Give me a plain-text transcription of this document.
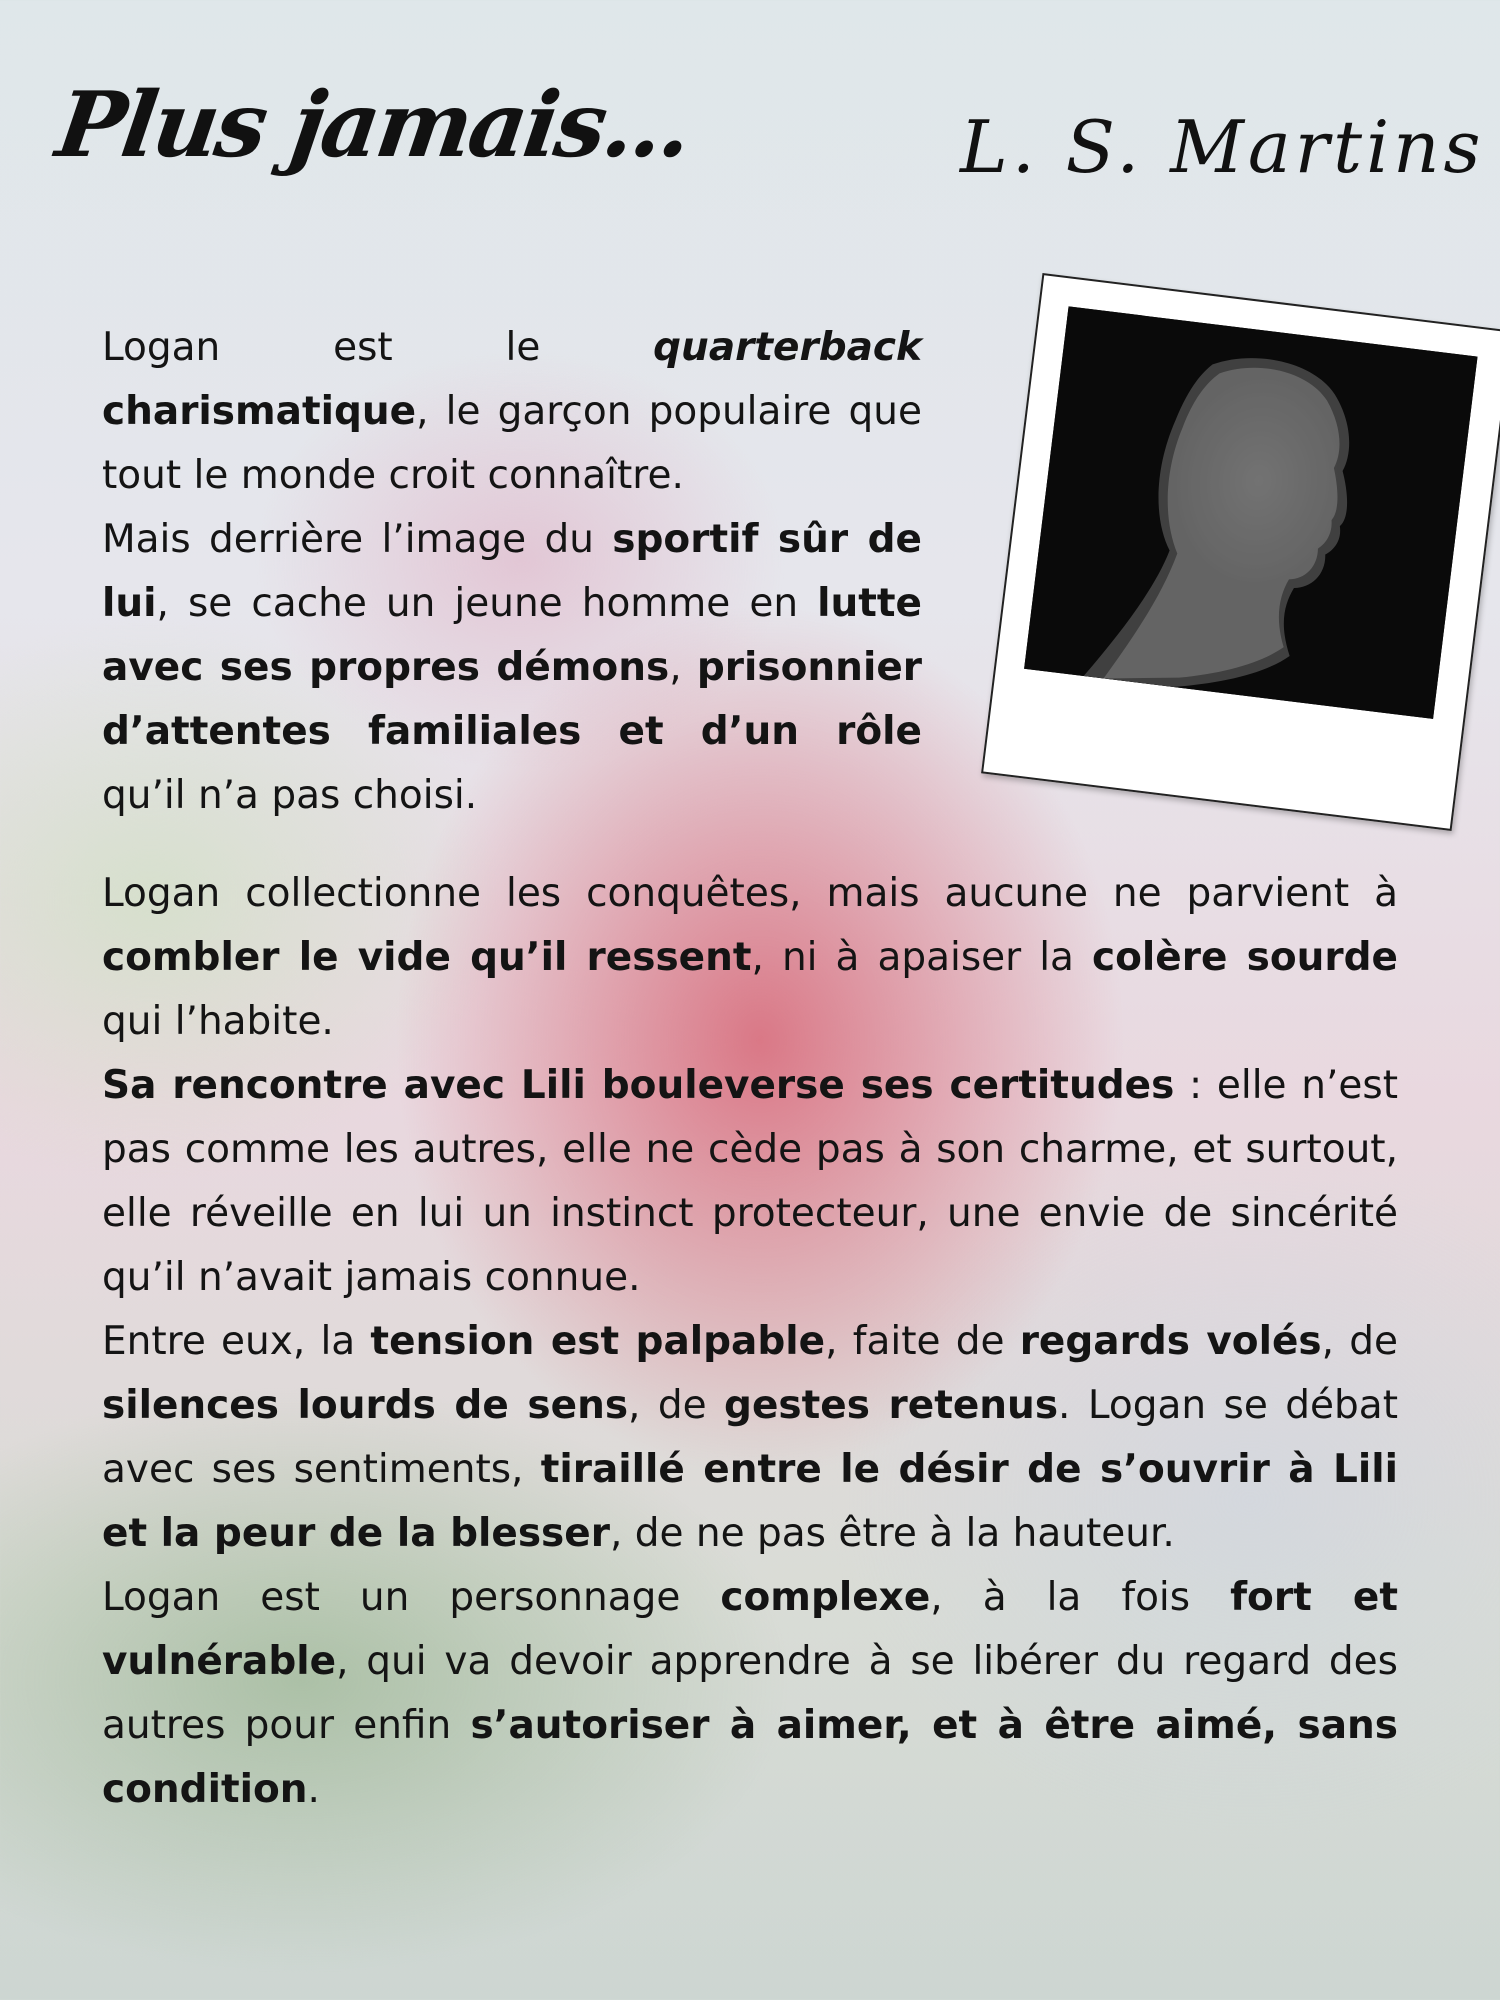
Plus jamais...	L. S. Martins

Logan est le quarterback charismatique, le garçon populaire que tout le monde croit connaître.

Mais derrière l’image du sportif sûr de lui, se cache un jeune homme en lutte avec ses propres démons, prisonnier d’attentes familiales et d’un rôle qu’il n’a pas choisi.

Logan collectionne les conquêtes, mais aucune ne parvient à combler le vide qu’il ressent, ni à apaiser la colère sourde qui l’habite.

Sa rencontre avec Lili bouleverse ses certitudes : elle n’est pas comme les autres, elle ne cède pas à son charme, et surtout, elle réveille en lui un instinct protecteur, une envie de sincérité qu’il n’avait jamais connue.

Entre eux, la tension est palpable, faite de regards volés, de silences lourds de sens, de gestes retenus. Logan se débat avec ses sentiments, tiraillé entre le désir de s’ouvrir à Lili et la peur de la blesser, de ne pas être à la hauteur.

Logan est un personnage complexe, à la fois fort et vulnérable, qui va devoir apprendre à se libérer du regard des autres pour enfin s’autoriser à aimer, et à être aimé, sans condition.
